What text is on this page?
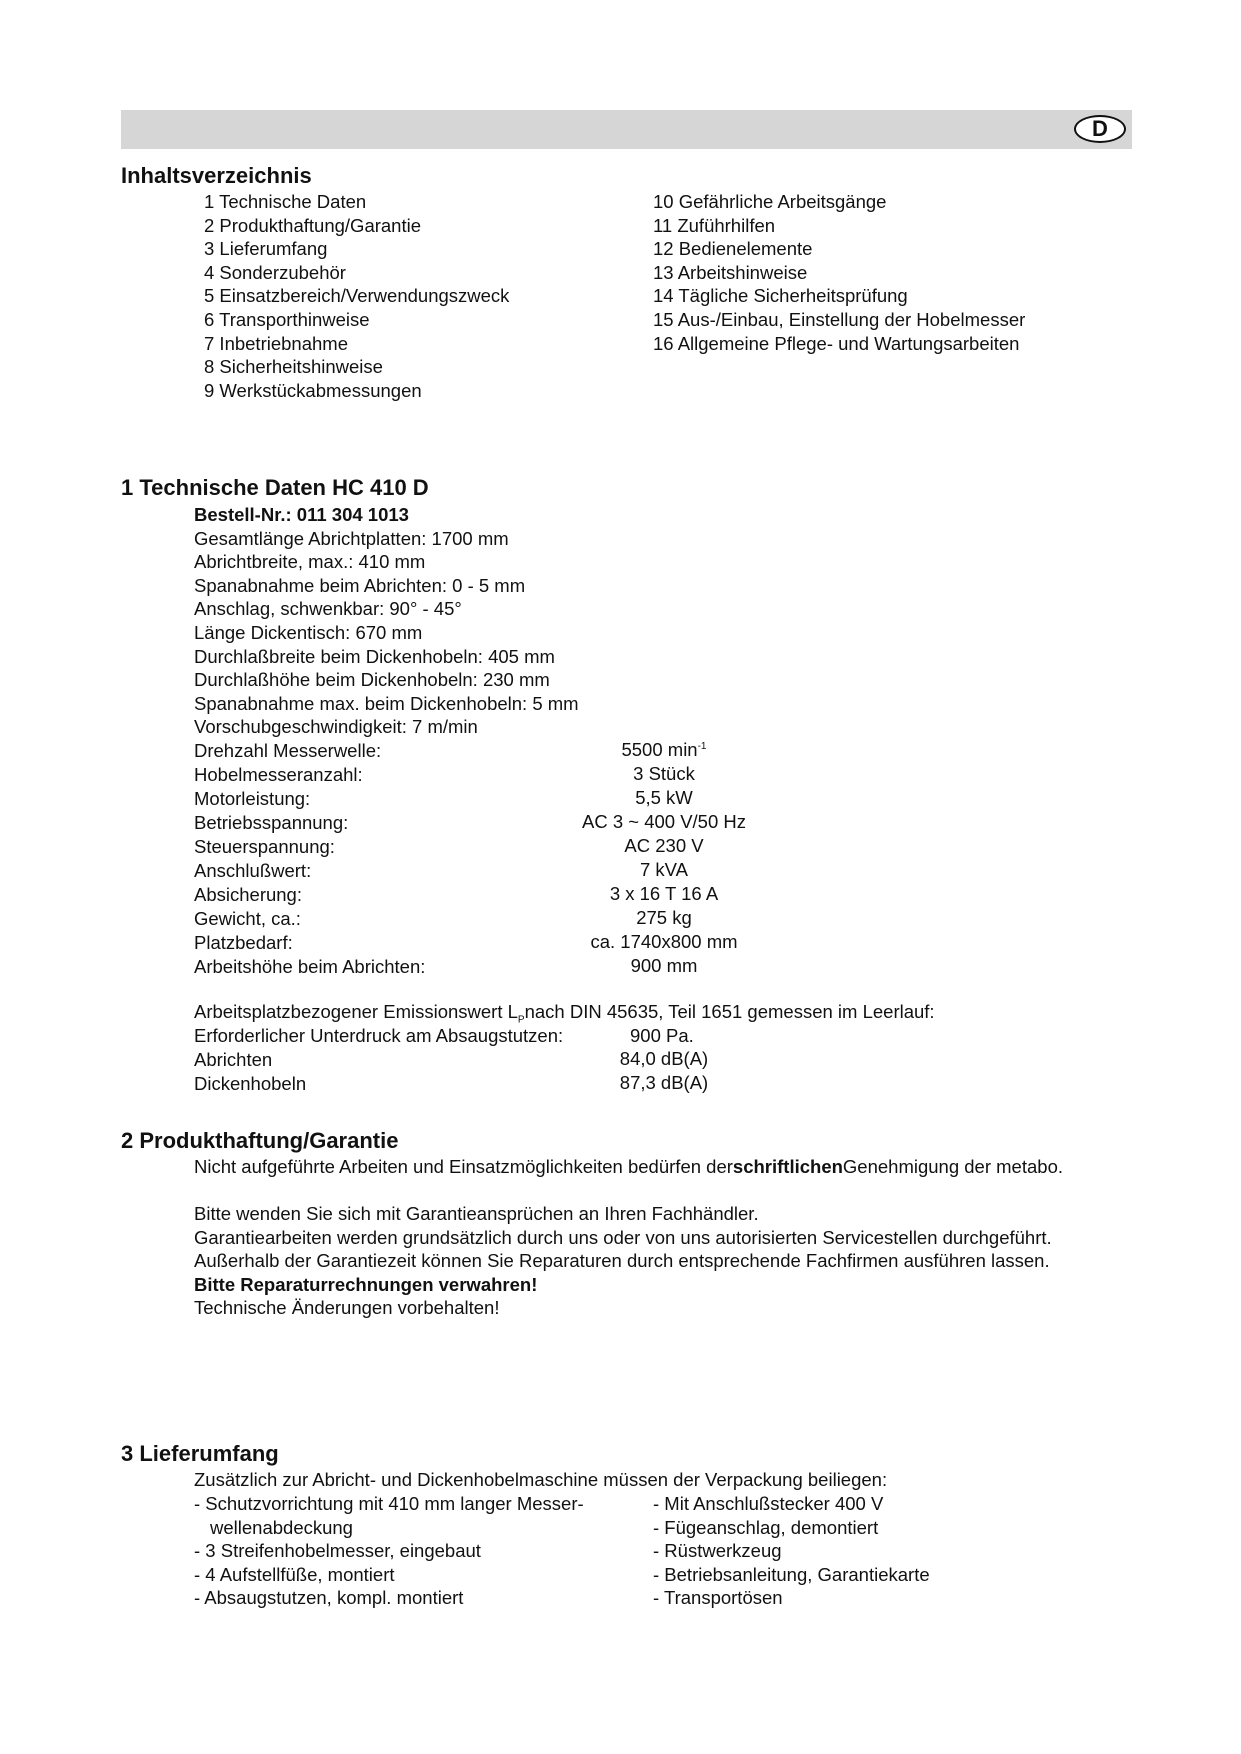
D
Inhaltsverzeichnis
1 Technische Daten
2 Produkthaftung/Garantie
3 Lieferumfang
4 Sonderzubehör
5 Einsatzbereich/Verwendungszweck
6 Transporthinweise
7 Inbetriebnahme
8 Sicherheitshinweise
9 Werkstückabmessungen
10 Gefährliche Arbeitsgänge
11 Zuführhilfen
12 Bedienelemente
13 Arbeitshinweise
14 Tägliche Sicherheitsprüfung
15 Aus-/Einbau, Einstellung der Hobelmesser
16 Allgemeine Pflege- und Wartungsarbeiten
1 Technische Daten HC 410 D
Bestell-Nr.: 011 304 1013
Gesamtlänge Abrichtplatten: 1700 mm
Abrichtbreite, max.: 410 mm
Spanabnahme beim Abrichten: 0 - 5 mm
Anschlag, schwenkbar: 90° - 45°
Länge Dickentisch: 670 mm
Durchlaßbreite beim Dickenhobeln: 405 mm
Durchlaßhöhe beim Dickenhobeln: 230 mm
Spanabnahme max. beim Dickenhobeln: 5 mm
Vorschubgeschwindigkeit: 7 m/min
Drehzahl Messerwelle:	5500 $\min^{-1}$
Hobelmesseranzahl:	3 Stück
Motorleistung:	5,5 kW
Betriebsspannung:	AC 3 ~ 400 V/50 Hz
Steuerspannung:	AC 230 V
Anschlußwert:	7 kVA
Absicherung:	3 x 16 T 16 A
Gewicht, ca.:	275 kg
Platzbedarf:	ca. 1740x800 mm
Arbeitshöhe beim Abrichten:	900 mm
Arbeitsplatzbezogener Emissionswert $L_Pnach$ DIN 45635, Teil 1651 gemessen im Leerlauf:
Erforderlicher Unterdruck am Absaugstutzen:	900 Pa.
Abrichten	84,0 dB(A)
Dickenhobeln	87,3 dB(A)
2 Produkthaftung/Garantie
Nicht aufgeführte Arbeiten und Einsatzmöglichkeiten bedürfen derschriftlichenGenehmigung der metabo.
Bitte wenden Sie sich mit Garantieansprüchen an Ihren Fachhändler.
Garantiearbeiten werden grundsätzlich durch uns oder von uns autorisierten Servicestellen durchgeführt.
Außerhalb der Garantiezeit können Sie Reparaturen durch entsprechende Fachfirmen ausführen lassen.
Bitte Reparaturrechnungen verwahren!
Technische Änderungen vorbehalten!
3 Lieferumfang
Zusätzlich zur Abricht- und Dickenhobelmaschine müssen der Verpackung beiliegen:
- Schutzvorrichtung mit 410 mm langer Messer-
wellenabdeckung
- 3 Streifenhobelmesser, eingebaut
- 4 Aufstellfüße, montiert
- Absaugstutzen, kompl. montiert
- Mit Anschlußstecker 400 V
- Fügeanschlag, demontiert
- Rüstwerkzeug
- Betriebsanleitung, Garantiekarte
- Transportösen
